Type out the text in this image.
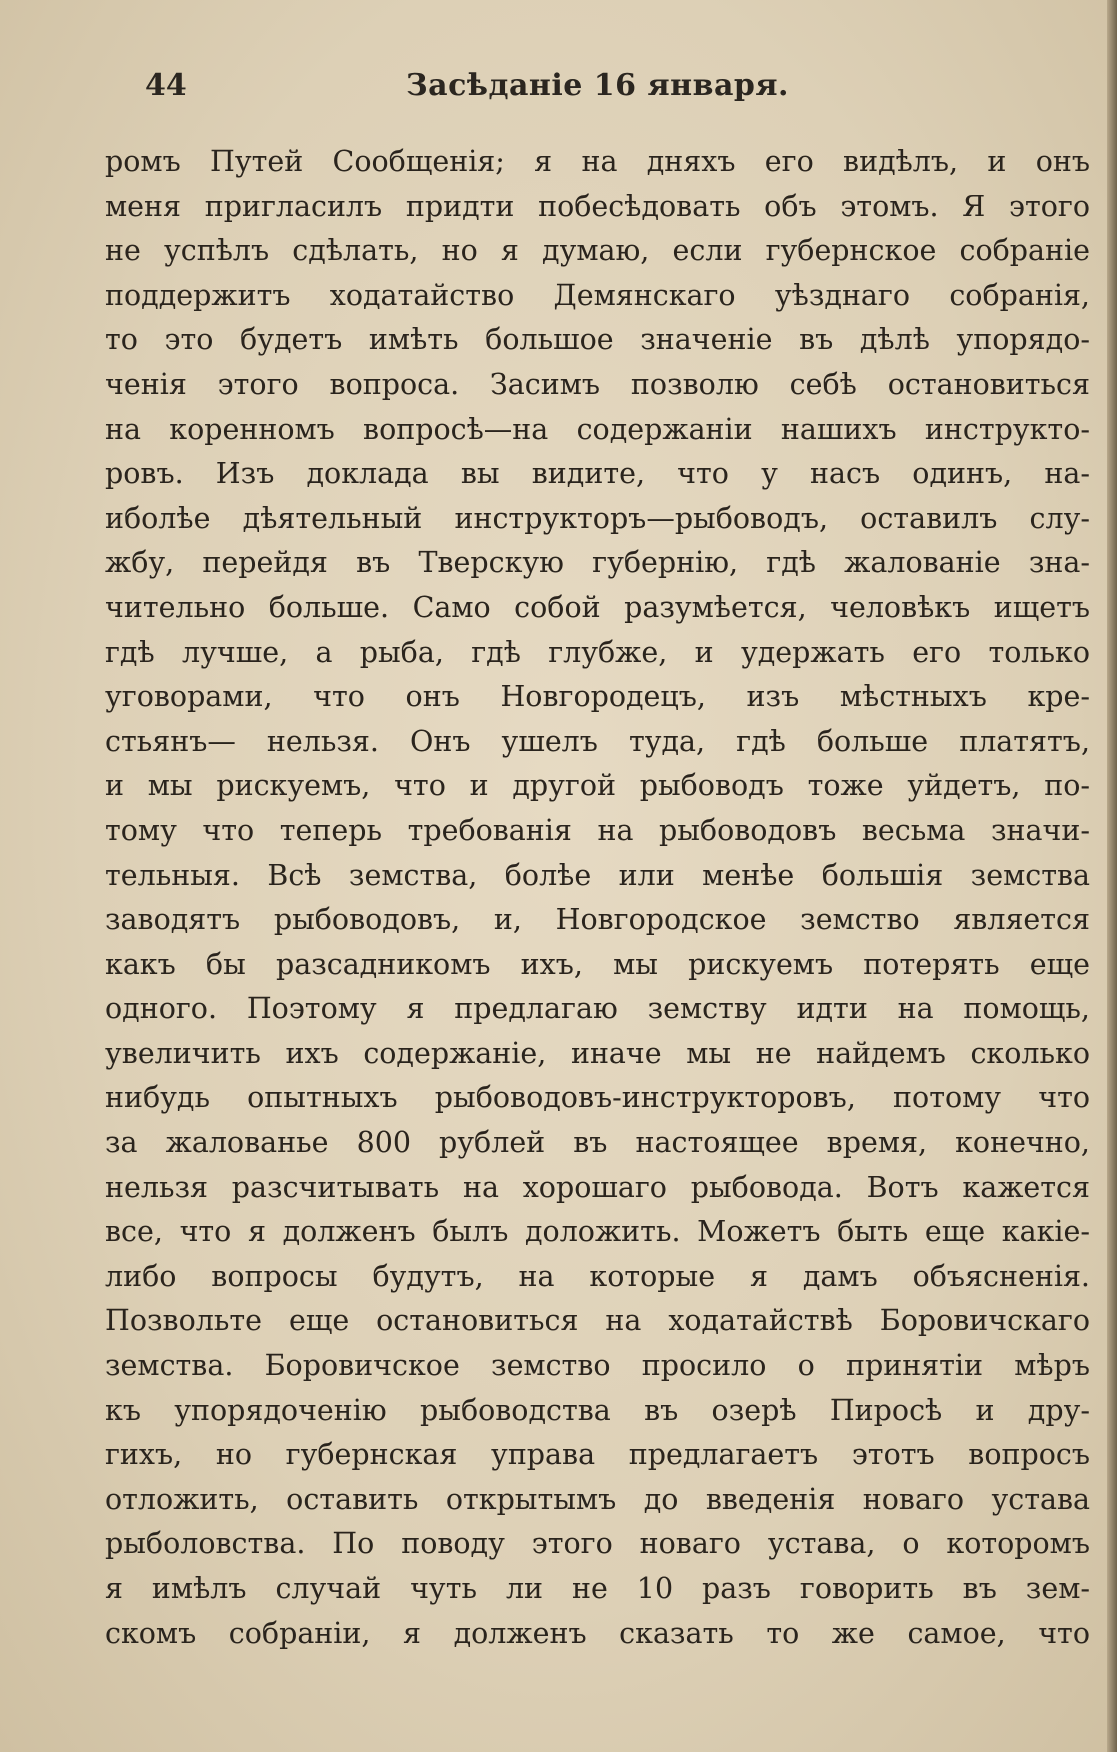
44	Засѣданіе 16 января.
ромъ Путей Сообщенія; я на дняхъ его видѣлъ, и онъ
меня пригласилъ придти побесѣдовать объ этомъ. Я этого
не успѣлъ сдѣлать, но я думаю, если губернское собраніе
поддержитъ ходатайство Демянскаго уѣзднаго собранія,
то это будетъ имѣть большое значеніе въ дѣлѣ упорядо-
ченія этого вопроса. Засимъ позволю себѣ остановиться
на коренномъ вопросѣ—на содержаніи нашихъ инструкто-
ровъ. Изъ доклада вы видите, что у насъ одинъ, на-
иболѣе дѣятельный инструкторъ—рыбоводъ, оставилъ слу-
жбу, перейдя въ Тверскую губернію, гдѣ жалованіе зна-
чительно больше. Само собой разумѣется, человѣкъ ищетъ
гдѣ лучше, а рыба, гдѣ глубже, и удержать его только
уговорами, что онъ Новгородецъ, изъ мѣстныхъ кре-
стьянъ— нельзя. Онъ ушелъ туда, гдѣ больше платятъ,
и мы рискуемъ, что и другой рыбоводъ тоже уйдетъ, по-
тому что теперь требованія на рыбоводовъ весьма значи-
тельныя. Всѣ земства, болѣе или менѣе большія земства
заводятъ рыбоводовъ, и, Новгородское земство является
какъ бы разсадникомъ ихъ, мы рискуемъ потерять еще
одного. Поэтому я предлагаю земству идти на помощь,
увеличить ихъ содержаніе, иначе мы не найдемъ сколько
нибудь опытныхъ рыбоводовъ-инструкторовъ, потому что
за жалованье 800 рублей въ настоящее время, конечно,
нельзя разсчитывать на хорошаго рыбовода. Вотъ кажется
все, что я долженъ былъ доложить. Можетъ быть еще какіе-
либо вопросы будутъ, на которые я дамъ объясненія.
Позвольте еще остановиться на ходатайствѣ Боровичскаго
земства. Боровичское земство просило о принятіи мѣръ
къ упорядоченію рыбоводства въ озерѣ Пиросѣ и дру-
гихъ, но губернская управа предлагаетъ этотъ вопросъ
отложить, оставить открытымъ до введенія новаго устава
рыболовства. По поводу этого новаго устава, о которомъ
я имѣлъ случай чуть ли не 10 разъ говорить въ зем-
скомъ собраніи, я долженъ сказать то же самое, что
